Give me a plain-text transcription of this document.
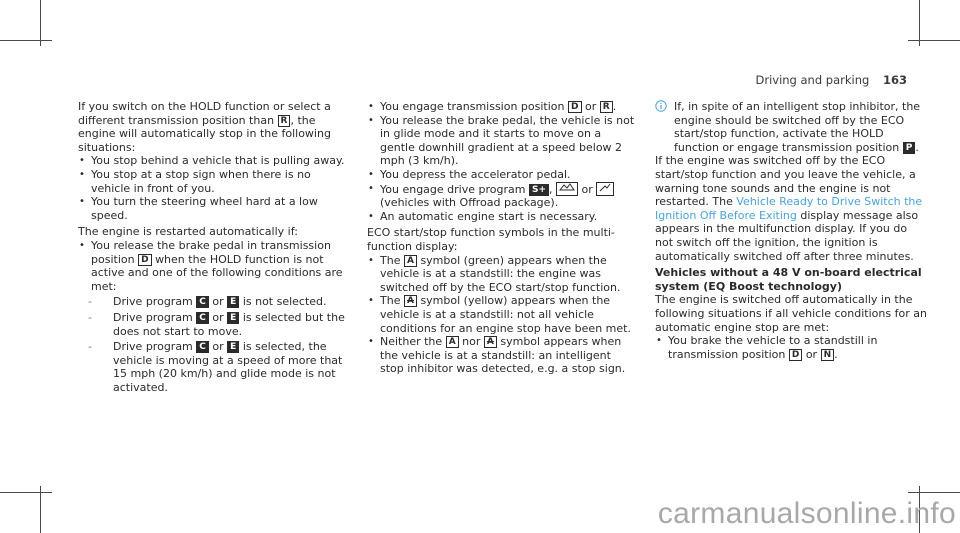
Driving and parking 163

If you switch on the HOLD function or select a different transmission position than R , the engine will automatically stop in the following situations:

• You stop behind a vehicle that is pulling away.
• You stop at a stop sign when there is no vehicle in front of you.
• You turn the steering wheel hard at a low speed.

The engine is restarted automatically if:

• You release the brake pedal in transmission position D when the HOLD function is not active and one of the following conditions are met:
- Drive program C or E is not selected.
- Drive program C or E is selected but the does not start to move.
- Drive program C or E is selected, the vehicle is moving at a speed of more that 15 mph (20 km/h) and glide mode is not activated.
• You engage transmission position D or R .
• You release the brake pedal, the vehicle is not in glide mode and it starts to move on a gentle downhill gradient at a speed below 2 mph (3 km/h).
• You depress the accelerator pedal.
• You engage drive program S+ ,	or  (vehicles with Offroad package).
• An automatic engine start is necessary.

ECO start/stop function symbols in the multi-function display:

• The A symbol (green) appears when the vehicle is at a standstill: the engine was switched off by the ECO start/stop function.
• The A symbol (yellow) appears when the vehicle is at a standstill: not all vehicle conditions for an engine stop have been met.
• Neither the A nor A symbol appears when the vehicle is at a standstill: an intelligent stop inhibitor was detected, e.g. a stop sign.
If, in spite of an intelligent stop inhibitor, the engine should be switched off by the ECO start/stop function, activate the HOLD function or engage transmission position P .

If the engine was switched off by the ECO start/stop function and you leave the vehicle, a warning tone sounds and the engine is not restarted. The Vehicle Ready to Drive Switch the Ignition Off Before Exiting display message also appears in the multifunction display. If you do not switch off the ignition, the ignition is automatically switched off after three minutes.

Vehicles without a 48 V on-board electrical system (EQ Boost technology)

The engine is switched off automatically in the following situations if all vehicle conditions for an automatic engine stop are met:

• You brake the vehicle to a standstill in transmission position D or N .
carmanualsonline.info
